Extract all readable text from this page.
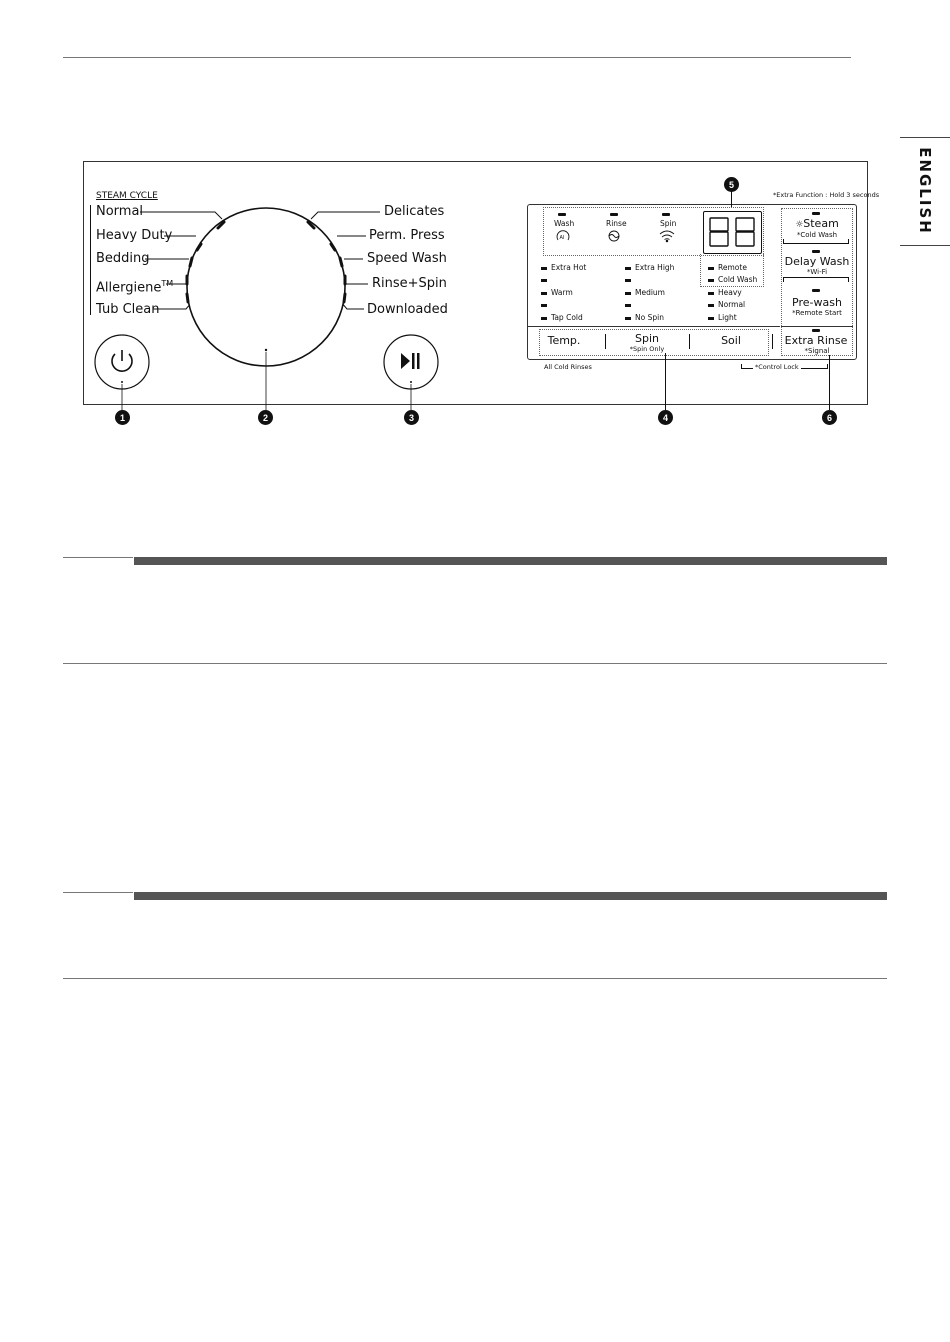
ENGLISH
STEAM CYCLE
Normal
Heavy Duty
Bedding
Allergiene™
Tub Clean
Delicates
Perm. Press
Speed Wash
Rinse+Spin
Downloaded
*Extra Function : Hold 3 seconds
Wash	Rinse	Spin
AI
Extra Hot
Warm
Tap Cold
Extra High
Medium
No Spin
Remote
Cold Wash
Heavy
Normal
Light
Temp.	Spin
*Spin Only
Soil
All Cold Rinses	*Control Lock
☼Steam
*Cold Wash
Delay Wash
*Wi-Fi
Pre-wash
*Remote Start
Extra Rinse
*Signal
1	2	3	4
5
6
